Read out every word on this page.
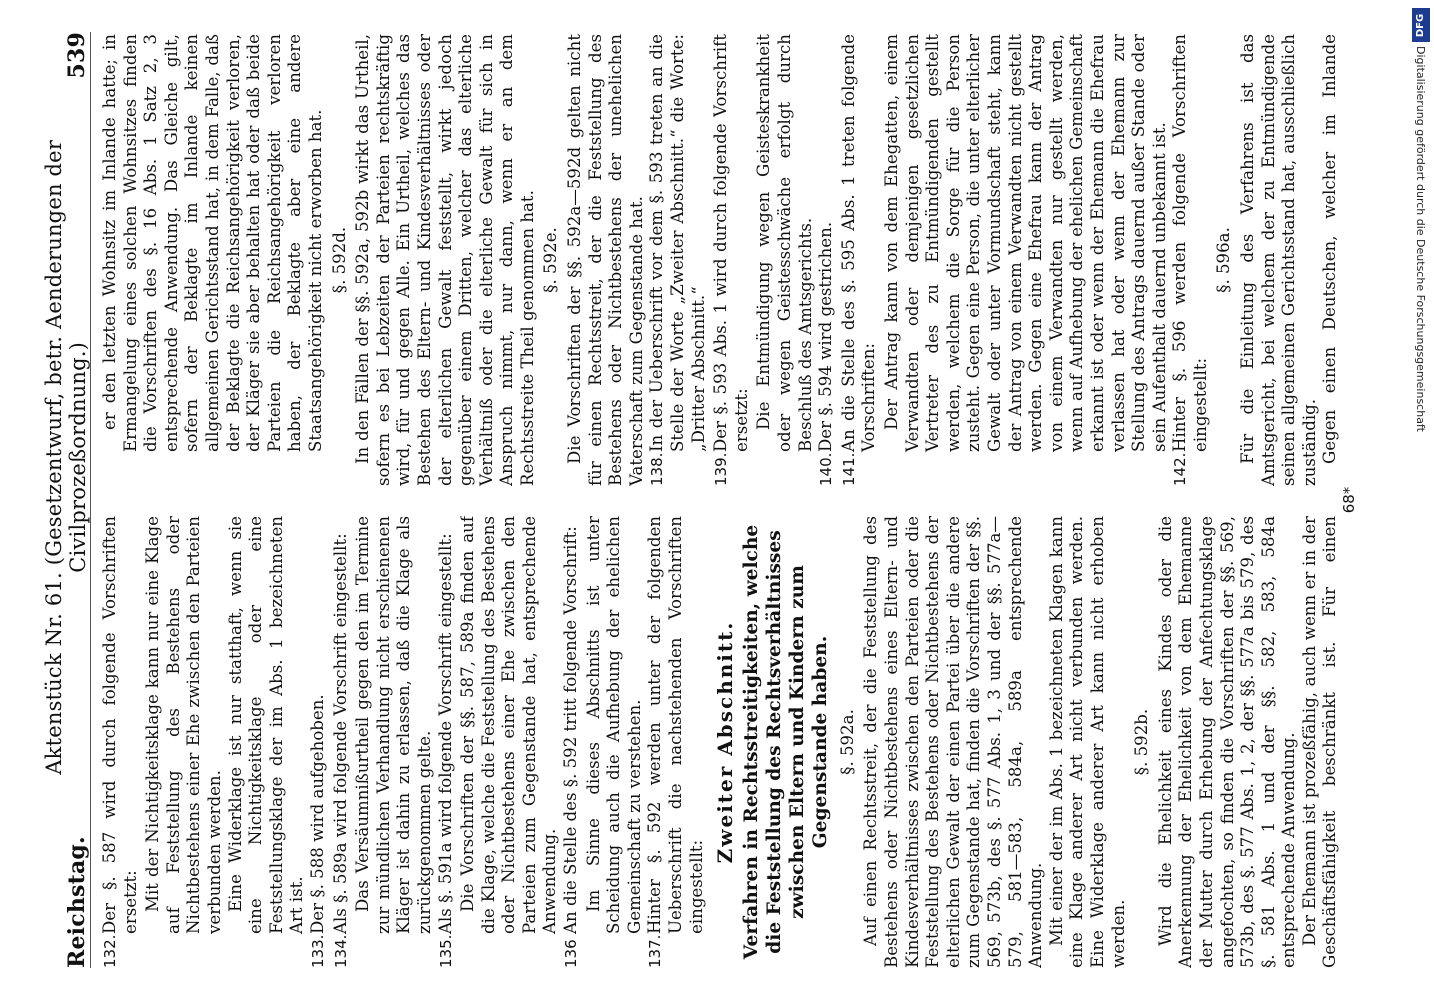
Reichstag.
Aktenstück Nr. 61. (Gesetzentwurf, betr. Aenderungen der Civilprozeßordnung.)
539
132.
Der §. 587 wird durch folgende Vorschriften ersetzt: Mit der Nichtigkeitsklage kann nur eine Klage auf Feststellung des Bestehens oder Nichtbestehens einer Ehe zwischen den Parteien verbunden werden. Eine Widerklage ist nur statthaft, wenn sie eine Nichtigkeitsklage oder eine Feststellungsklage der im Abs. 1 bezeichneten Art ist.

133.
Der §. 588 wird aufgehoben.
134.
Als §. 589a wird folgende Vorschrift eingestellt: Das Versäumnißurtheil gegen den im Termine zur mündlichen Verhandlung nicht erschienenen Kläger ist dahin zu erlassen, daß die Klage als zurückgenommen gelte.

135.
Als §. 591a wird folgende Vorschrift eingestellt: Die Vorschriften der §§. 587, 589a finden auf die Klage, welche die Feststellung des Bestehens oder Nichtbestehens einer Ehe zwischen den Parteien zum Gegenstande hat, entsprechende Anwendung.

136
An die Stelle des §. 592 tritt folgende Vorschrift: Im Sinne dieses Abschnitts ist unter Scheidung auch die Aufhebung der ehelichen Gemeinschaft zu verstehen.

137.
Hinter §. 592 werden unter der folgenden Ueberschrift die nachstehenden Vorschriften eingestellt:
Zweiter Abschnitt. Verfahren in Rechtsstreitigkeiten, welche die Feststellung des Rechtsverhältnisses zwischen Eltern und Kindern zum Gegenstande haben. §. 592a. Auf einen Rechtsstreit, der die Feststellung des Bestehens oder Nichtbestehens eines Eltern- und Kindesverhältnisses zwischen den Parteien oder die Feststellung des Bestehens oder Nichtbestehens der elterlichen Gewalt der einen Partei über die andere zum Gegenstande hat, finden die Vorschriften der §§. 569, 573b, des §. 577 Abs. 1, 3 und der §§. 577a—579, 581—583, 584a, 589a entsprechende Anwendung. Mit einer der im Abs. 1 bezeichneten Klagen kann eine Klage anderer Art nicht verbunden werden. Eine Widerklage anderer Art kann nicht erhoben werden.

§. 592b. Wird die Ehelichkeit eines Kindes oder die Anerkennung der Ehelichkeit von dem Ehemanne der Mutter durch Erhebung der Anfechtungsklage angefochten, so finden die Vorschriften der §§. 569, 573b, des §. 577 Abs. 1, 2, der §§. 577a bis 579, des §. 581 Abs. 1 und der §§. 582, 583, 584a entsprechende Anwendung. Der Ehemann ist prozeßfähig, auch wenn er in der Geschäftsfähigkeit beschränkt ist. Für einen

er den letzten Wohnsitz im Inlande hatte; in Ermangelung eines solchen Wohnsitzes finden die Vorschriften des §. 16 Abs. 1 Satz 2, 3 entsprechende Anwendung. Das Gleiche gilt, sofern der Beklagte im Inlande keinen allgemeinen Gerichtsstand hat, in dem Falle, daß der Beklagte die Reichsangehörigkeit verloren, der Kläger sie aber behalten hat oder daß beide Parteien die Reichsangehörigkeit verloren haben, der Beklagte aber eine andere Staatsangehörigkeit nicht erworben hat. §. 592d. In den Fällen der §§. 592a, 592b wirkt das Urtheil, sofern es bei Lebzeiten der Parteien rechtskräftig wird, für und gegen Alle. Ein Urtheil, welches das Bestehen des Eltern- und Kindesverhältnisses oder der elterlichen Gewalt feststellt, wirkt jedoch gegenüber einem Dritten, welcher das elterliche Verhältniß oder die elterliche Gewalt für sich in Anspruch nimmt, nur dann, wenn er an dem Rechtsstreite Theil genommen hat. §. 592e. Die Vorschriften der §§. 592a—592d gelten nicht für einen Rechtsstreit, der die Feststellung des Bestehens oder Nichtbestehens der unehelichen Vaterschaft zum Gegenstande hat. 138.
In der Ueberschrift vor dem §. 593 treten an die Stelle der Worte „Zweiter Abschnitt.“ die Worte: „Dritter Abschnitt.“
139.
Der §. 593 Abs. 1 wird durch folgende Vorschrift ersetzt: Die Entmündigung wegen Geisteskrankheit oder wegen Geistesschwäche erfolgt durch Beschluß des Amtsgerichts.

140.
Der §. 594 wird gestrichen.
141.
An die Stelle des §. 595 Abs. 1 treten folgende Vorschriften: Der Antrag kann von dem Ehegatten, einem Verwandten oder demjenigen gesetzlichen Vertreter des zu Entmündigenden gestellt werden, welchem die Sorge für die Person zusteht. Gegen eine Person, die unter elterlicher Gewalt oder unter Vormundschaft steht, kann der Antrag von einem Verwandten nicht gestellt werden. Gegen eine Ehefrau kann der Antrag von einem Verwandten nur gestellt werden, wenn auf Aufhebung der ehelichen Gemeinschaft erkannt ist oder wenn der Ehemann die Ehefrau verlassen hat oder wenn der Ehemann zur Stellung des Antrags dauernd außer Stande oder sein Aufenthalt dauernd unbekannt ist.

142.
Hinter §. 596 werden folgende Vorschriften eingestellt:
§. 596a. Für die Einleitung des Verfahrens ist das Amtsgericht, bei welchem der zu Entmündigende seinen allgemeinen Gerichtsstand hat, ausschließlich zuständig. Gegen einen Deutschen, welcher im Inlande

68*
DFG
Digitalisierung gefördert durch die Deutsche Forschungsgemeinschaft
